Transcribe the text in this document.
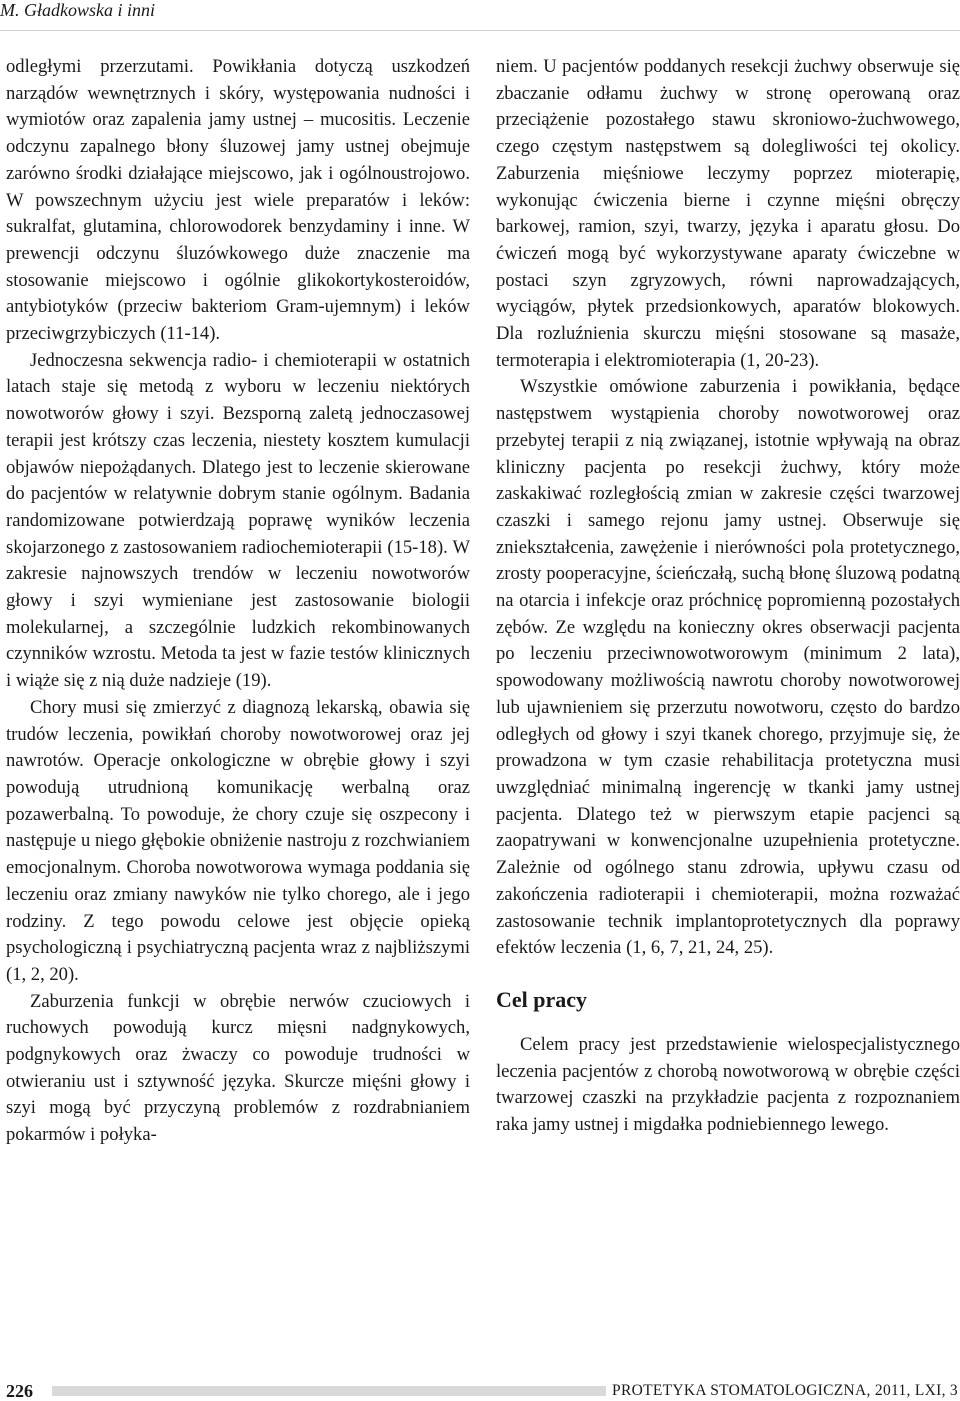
M. Gładkowska i inni

odległymi przerzutami. Powikłania dotyczą uszkodzeń narządów wewnętrznych i skóry, występowania nudności i wymiotów oraz zapalenia jamy ustnej – mucositis. Leczenie odczynu zapalnego błony śluzowej jamy ustnej obejmuje zarówno środki działające miejscowo, jak i ogólnoustrojowo. W powszechnym użyciu jest wiele preparatów i leków: sukralfat, glutamina, chlorowodorek benzydaminy i inne. W prewencji odczynu śluzówkowego duże znaczenie ma stosowanie miejscowo i ogólnie glikokortykosteroidów, antybiotyków (przeciw bakteriom Gram-ujemnym) i leków przeciwgrzybiczych (11-14).

Jednoczesna sekwencja radio- i chemioterapii w ostatnich latach staje się metodą z wyboru w leczeniu niektórych nowotworów głowy i szyi. Bezsporną zaletą jednoczasowej terapii jest krótszy czas leczenia, niestety kosztem kumulacji objawów niepożądanych. Dlatego jest to leczenie skierowane do pacjentów w relatywnie dobrym stanie ogólnym. Badania randomizowane potwierdzają poprawę wyników leczenia skojarzonego z zastosowaniem radiochemioterapii (15-18). W zakresie najnowszych trendów w leczeniu nowotworów głowy i szyi wymieniane jest zastosowanie biologii molekularnej, a szczególnie ludzkich rekombinowanych czynników wzrostu. Metoda ta jest w fazie testów klinicznych i wiąże się z nią duże nadzieje (19).

Chory musi się zmierzyć z diagnozą lekarską, obawia się trudów leczenia, powikłań choroby nowotworowej oraz jej nawrotów. Operacje onkologiczne w obrębie głowy i szyi powodują utrudnioną komunikację werbalną oraz pozawerbalną. To powoduje, że chory czuje się oszpecony i następuje u niego głębokie obniżenie nastroju z rozchwianiem emocjonalnym. Choroba nowotworowa wymaga poddania się leczeniu oraz zmiany nawyków nie tylko chorego, ale i jego rodziny. Z tego powodu celowe jest objęcie opieką psychologiczną i psychiatryczną pacjenta wraz z najbliższymi (1, 2, 20).

Zaburzenia funkcji w obrębie nerwów czuciowych i ruchowych powodują kurcz mięsni nadgnykowych, podgnykowych oraz żwaczy co powoduje trudności w otwieraniu ust i sztywność języka. Skurcze mięśni głowy i szyi mogą być przyczyną problemów z rozdrabnianiem pokarmów i połyka-

niem. U pacjentów poddanych resekcji żuchwy obserwuje się zbaczanie odłamu żuchwy w stronę operowaną oraz przeciążenie pozostałego stawu skroniowo-żuchwowego, czego częstym następstwem są dolegliwości tej okolicy. Zaburzenia mięśniowe leczymy poprzez mioterapię, wykonując ćwiczenia bierne i czynne mięśni obręczy barkowej, ramion, szyi, twarzy, języka i aparatu głosu. Do ćwiczeń mogą być wykorzystywane aparaty ćwiczebne w postaci szyn zgryzowych, równi naprowadzających, wyciągów, płytek przedsionkowych, aparatów blokowych. Dla rozluźnienia skurczu mięśni stosowane są masaże, termoterapia i elektromioterapia (1, 20-23).

Wszystkie omówione zaburzenia i powikłania, będące następstwem wystąpienia choroby nowotworowej oraz przebytej terapii z nią związanej, istotnie wpływają na obraz kliniczny pacjenta po resekcji żuchwy, który może zaskakiwać rozległością zmian w zakresie części twarzowej czaszki i samego rejonu jamy ustnej. Obserwuje się zniekształcenia, zawężenie i nierówności pola protetycznego, zrosty pooperacyjne, ścieńczałą, suchą błonę śluzową podatną na otarcia i infekcje oraz próchnicę popromienną pozostałych zębów. Ze względu na konieczny okres obserwacji pacjenta po leczeniu przeciwnowotworowym (minimum 2 lata), spowodowany możliwością nawrotu choroby nowotworowej lub ujawnieniem się przerzutu nowotworu, często do bardzo odległych od głowy i szyi tkanek chorego, przyjmuje się, że prowadzona w tym czasie rehabilitacja protetyczna musi uwzględniać minimalną ingerencję w tkanki jamy ustnej pacjenta. Dlatego też w pierwszym etapie pacjenci są zaopatrywani w konwencjonalne uzupełnienia protetyczne. Zależnie od ogólnego stanu zdrowia, upływu czasu od zakończenia radioterapii i chemioterapii, można rozważać zastosowanie technik implantoprotetycznych dla poprawy efektów leczenia (1, 6, 7, 21, 24, 25).

Cel pracy

Celem pracy jest przedstawienie wielospecjalistycznego leczenia pacjentów z chorobą nowotworową w obrębie części twarzowej czaszki na przykładzie pacjenta z rozpoznaniem raka jamy ustnej i migdałka podniebiennego lewego.

226	PROTETYKA STOMATOLOGICZNA, 2011, LXI, 3
